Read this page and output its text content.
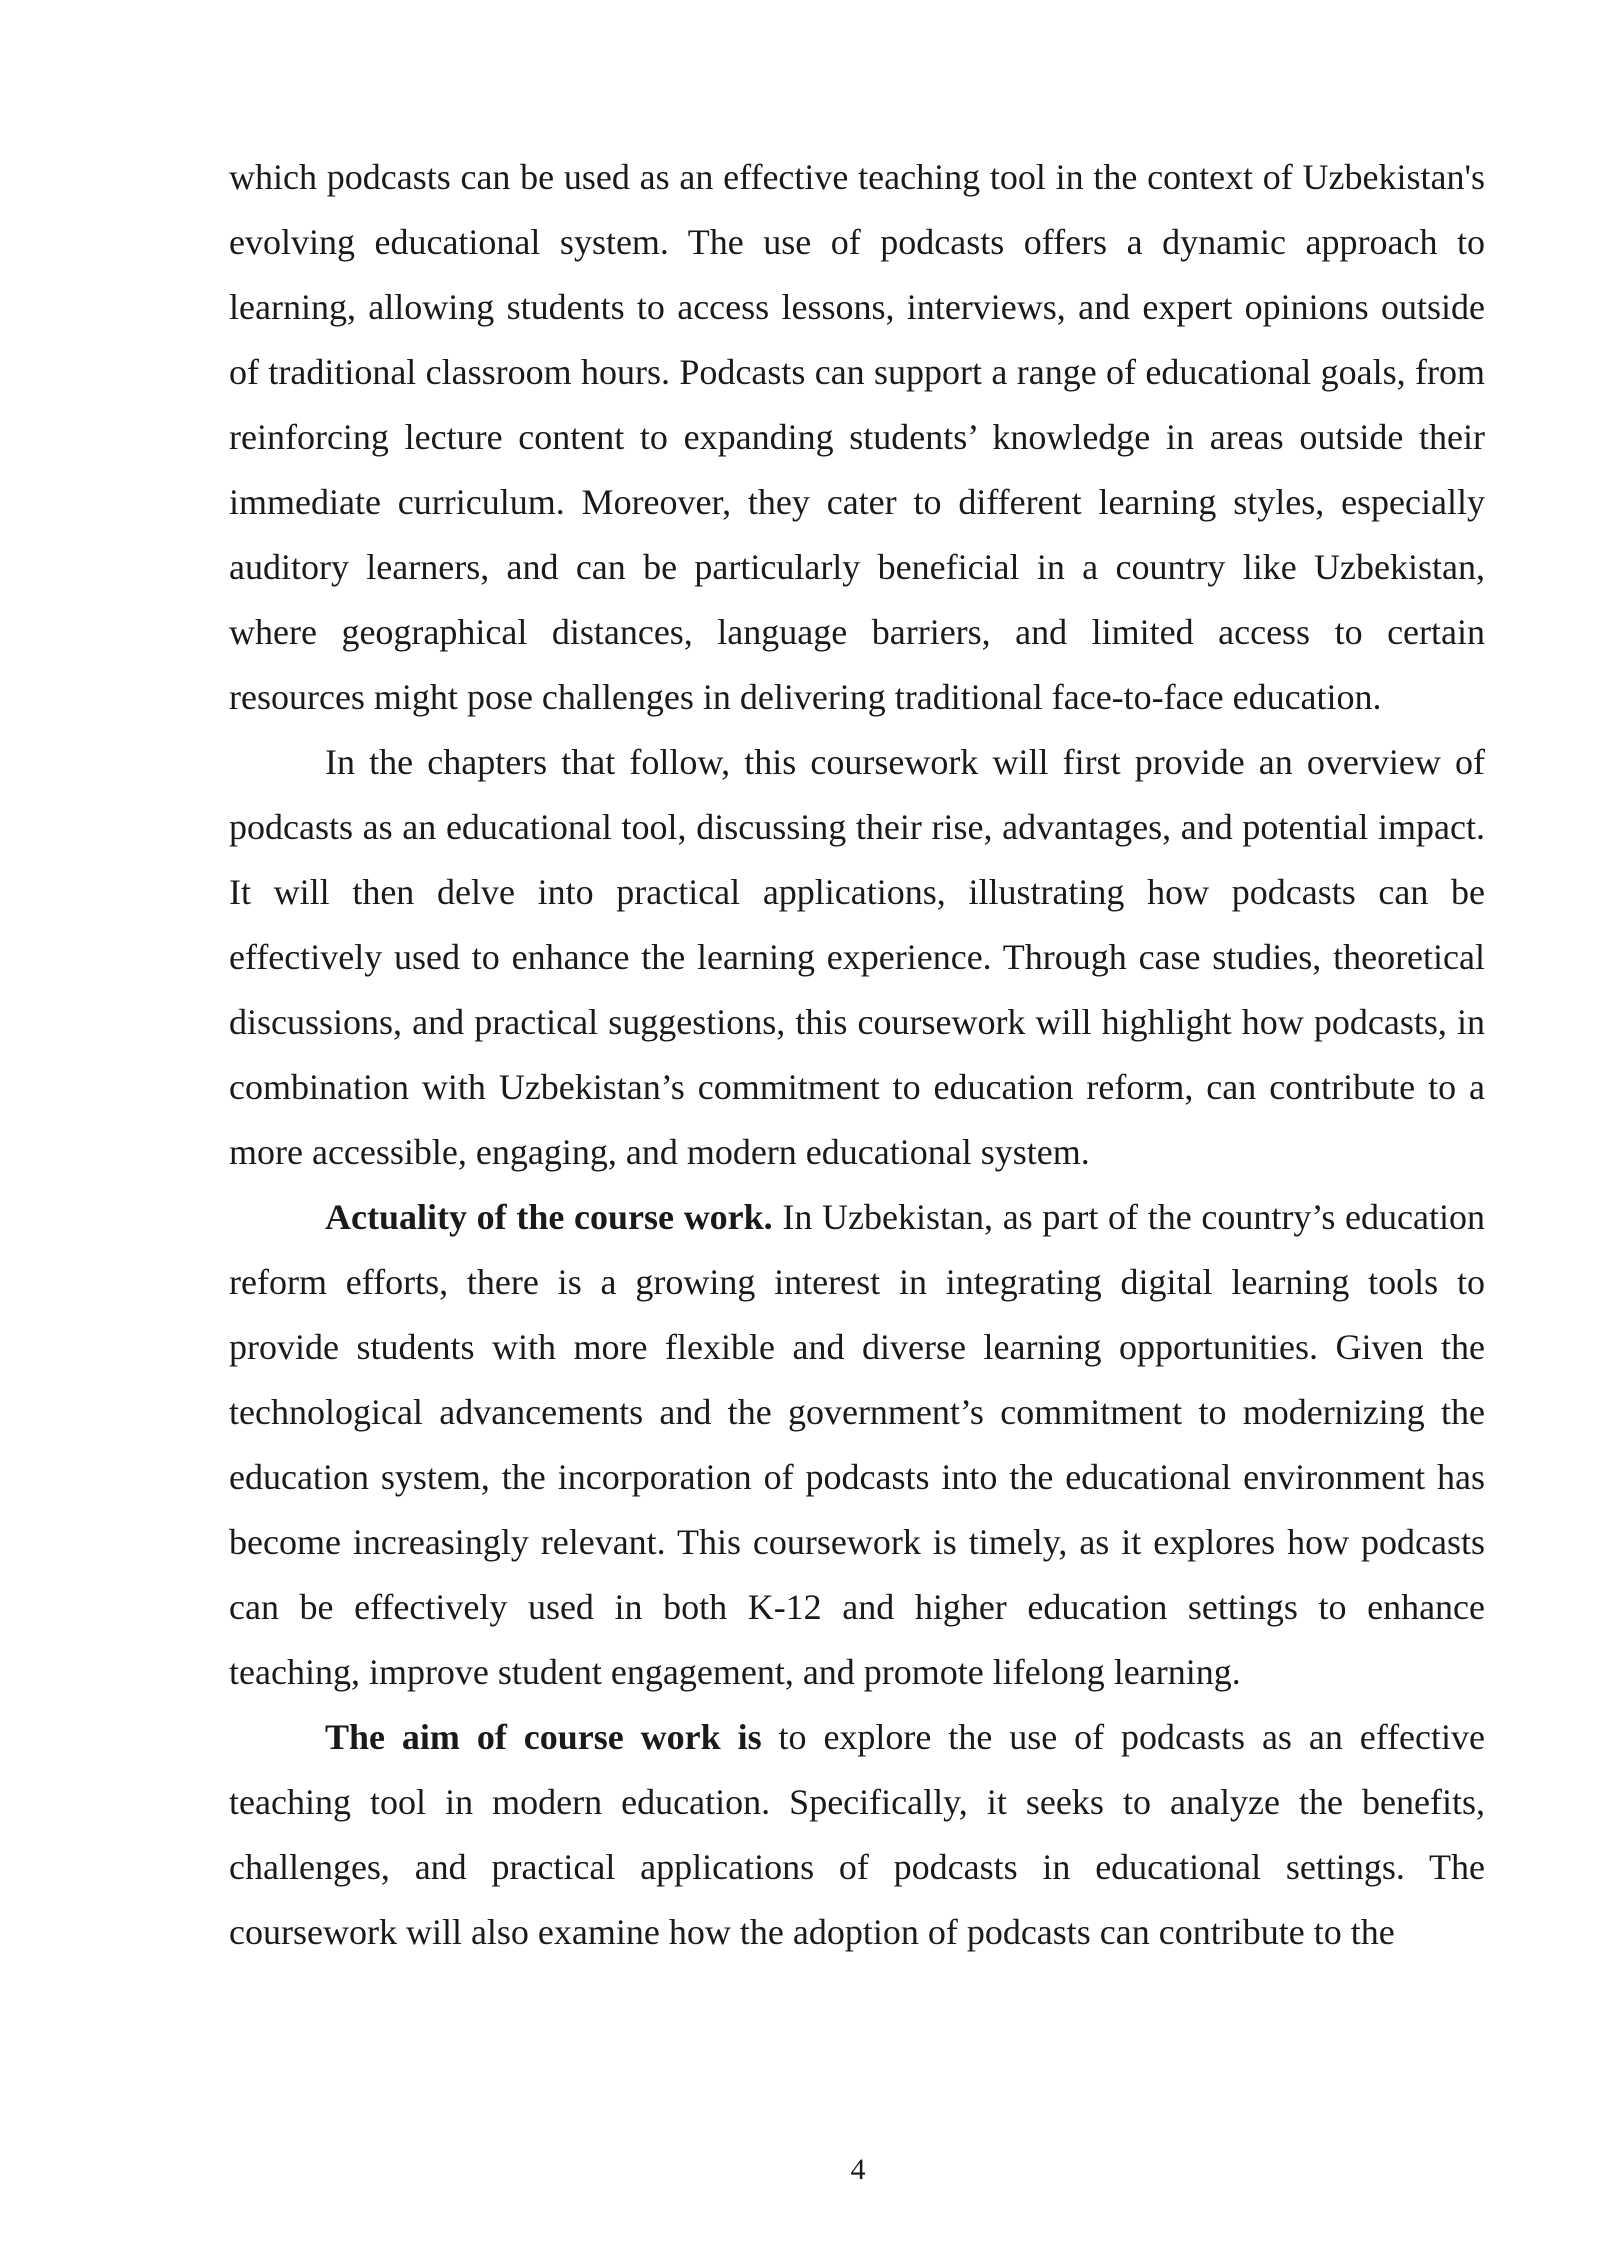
which podcasts can be used as an effective teaching tool in the context of Uzbekistan's evolving educational system. The use of podcasts offers a dynamic approach to learning, allowing students to access lessons, interviews, and expert opinions outside of traditional classroom hours. Podcasts can support a range of educational goals, from reinforcing lecture content to expanding students’ knowledge in areas outside their immediate curriculum. Moreover, they cater to different learning styles, especially auditory learners, and can be particularly beneficial in a country like Uzbekistan, where geographical distances, language barriers, and limited access to certain resources might pose challenges in delivering traditional face-to-face education.

In the chapters that follow, this coursework will first provide an overview of podcasts as an educational tool, discussing their rise, advantages, and potential impact. It will then delve into practical applications, illustrating how podcasts can be effectively used to enhance the learning experience. Through case studies, theoretical discussions, and practical suggestions, this coursework will highlight how podcasts, in combination with Uzbekistan’s commitment to education reform, can contribute to a more accessible, engaging, and modern educational system.

Actuality of the course work. In Uzbekistan, as part of the country’s education reform efforts, there is a growing interest in integrating digital learning tools to provide students with more flexible and diverse learning opportunities. Given the technological advancements and the government’s commitment to modernizing the education system, the incorporation of podcasts into the educational environment has become increasingly relevant. This coursework is timely, as it explores how podcasts can be effectively used in both K-12 and higher education settings to enhance teaching, improve student engagement, and promote lifelong learning.

The aim of course work is to explore the use of podcasts as an effective teaching tool in modern education. Specifically, it seeks to analyze the benefits, challenges, and practical applications of podcasts in educational settings. The coursework will also examine how the adoption of podcasts can contribute to the

4
